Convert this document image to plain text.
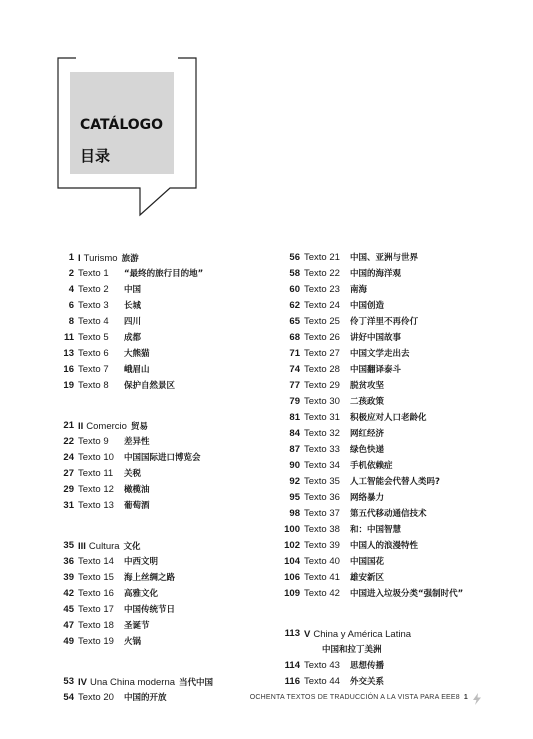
CATÁLOGO
目录
1 I Turismo 旅游
2 Texto 1 “最终的旅行目的地”
4 Texto 2 中国
6 Texto 3 长城
8 Texto 4 四川
11 Texto 5 成都
13 Texto 6 大熊猫
16 Texto 7 峨眉山
19 Texto 8 保护自然景区
21 II Comercio 贸易
22 Texto 9 差异性
24 Texto 10 中国国际进口博览会
27 Texto 11 关税
29 Texto 12 橄榄油
31 Texto 13 葡萄酒
35 III Cultura 文化
36 Texto 14 中西文明
39 Texto 15 海上丝绸之路
42 Texto 16 高雅文化
45 Texto 17 中国传统节日
47 Texto 18 圣诞节
49 Texto 19 火锅
53 IV Una China moderna 当代中国
54 Texto 20 中国的开放
56 Texto 21 中国、亚洲与世界
58 Texto 22 中国的海洋观
60 Texto 23 南海
62 Texto 24 中国创造
65 Texto 25 伶丁洋里不再伶仃
68 Texto 26 讲好中国故事
71 Texto 27 中国文学走出去
74 Texto 28 中国翻译泰斗
77 Texto 29 脱贫攻坚
79 Texto 30 二孩政策
81 Texto 31 积极应对人口老龄化
84 Texto 32 网红经济
87 Texto 33 绿色快递
90 Texto 34 手机依赖症
92 Texto 35 人工智能会代替人类吗?
95 Texto 36 网络暴力
98 Texto 37 第五代移动通信技术
100 Texto 38 和：中国智慧
102 Texto 39 中国人的浪漫特性
104 Texto 40 中国国花
106 Texto 41 雄安新区
109 Texto 42 中国进入垃圾分类“强制时代”
113 V China y América Latina
中国和拉丁美洲
114 Texto 43 思想传播
116 Texto 44 外交关系
OCHENTA TEXTOS DE TRADUCCIÓN A LA VISTA PARA EEE8 1
